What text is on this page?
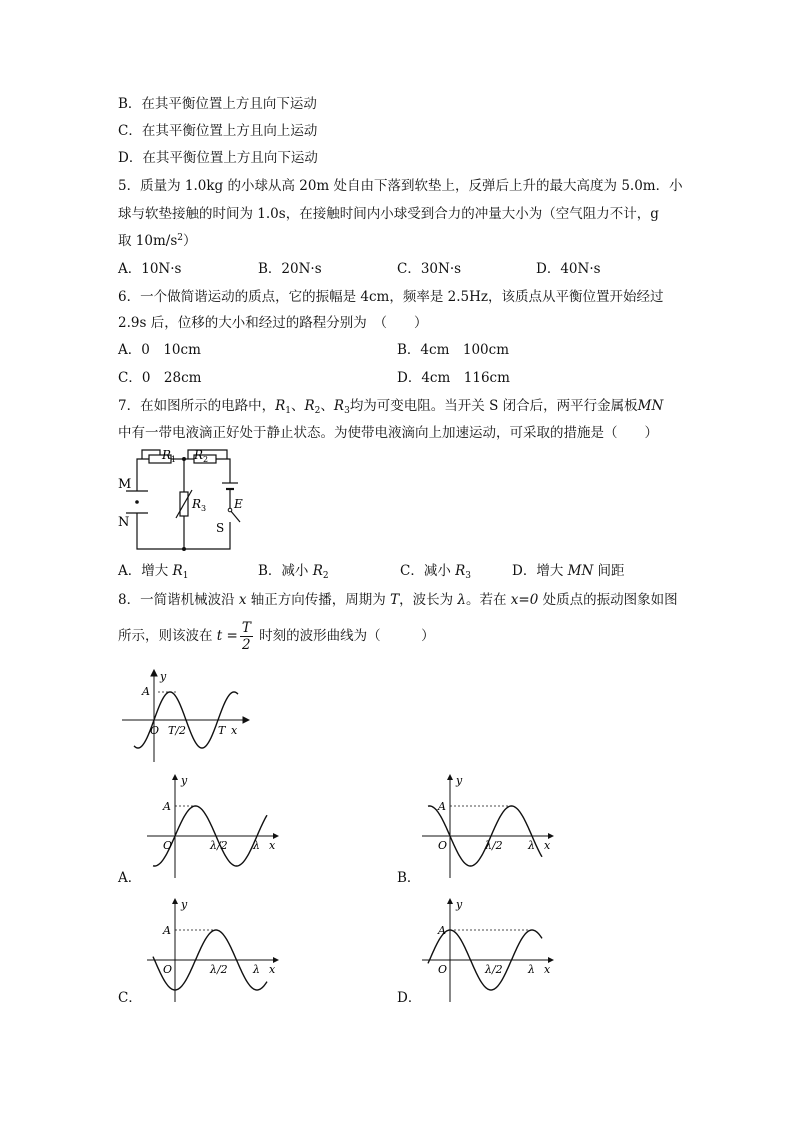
B．在其平衡位置上方且向下运动
C．在其平衡位置上方且向上运动
D．在其平衡位置上方且向下运动
5．质量为 1.0kg 的小球从高 20m 处自由下落到软垫上，反弹后上升的最大高度为 5.0m．小
球与软垫接触的时间为 1.0s，在接触时间内小球受到合力的冲量大小为（空气阻力不计，g
取 $10m/s^2$）
A．10N·s	B．20N·s	C．30N·s	D．40N·s
6．一个做简谐运动的质点，它的振幅是 4cm，频率是 2.5Hz，该质点从平衡位置开始经过
2.9s 后，位移的大小和经过的路程分别为　（　　）
A．0　10cm	B．4cm　100cm
C．0　28cm	D．4cm　116cm
7．在如图所示的电路中，$R_1$、$R_2$、$R_3$均为可变电阻。当开关 S 闭合后，两平行金属板MN
中有一带电液滴正好处于静止状态。为使带电液滴向上加速运动，可采取的措施是（　　）
M
N
$R_1$ $R_2$
$R_3$ E
S
A．增大 $R_1$	B．减小 $R_2$	C．减小 $R_3$	D．增大 MN 间距
8．一简谐机械波沿 x 轴正方向传播，周期为 T，波长为 λ。若在 x=0 处质点的振动图象如图
所示，则该波在 $t = \frac{T}{2}$ 时刻的波形曲线为（　　　）
y
A
O T/2	T x
y
A
O	λ/2 λ x
y
A
O	λ/2 λ x
y
A
O	λ/2 λ x
y
A
O	λ/2 λ x
A．	B．
C．	D．
